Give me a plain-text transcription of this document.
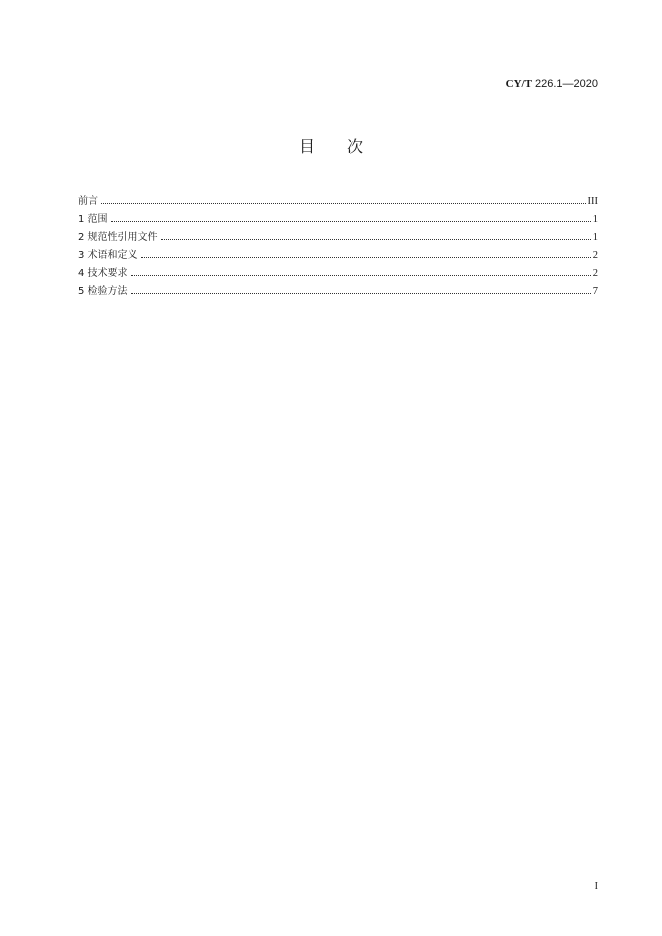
CY/T 226.1—2020
目次
前言	III
1 范围	1
2 规范性引用文件	1
3 术语和定义	2
4 技术要求	2
5 检验方法	7
I
